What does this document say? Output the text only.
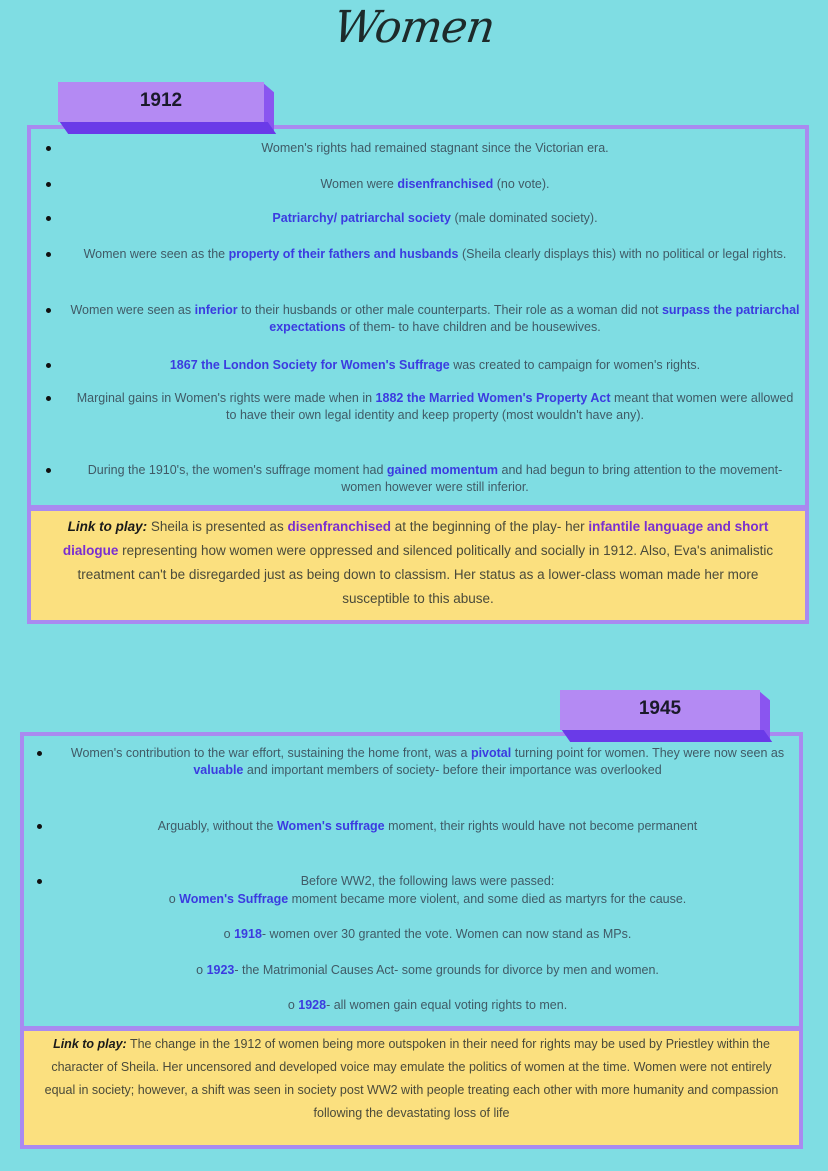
Women
1912
Link to play: Sheila is presented as disenfranchised at the beginning of the play- her infantile language and short dialogue representing how women were oppressed and silenced politically and socially in 1912. Also, Eva's animalistic treatment can't be disregarded just as being down to classism. Her status as a lower-class woman made her more susceptible to this abuse.
1945
Link to play: The change in the 1912 of women being more outspoken in their need for rights may be used by Priestley within the character of Sheila. Her uncensored and developed voice may emulate the politics of women at the time. Women were not entirely equal in society; however, a shift was seen in society post WW2 with people treating each other with more humanity and compassion following the devastating loss of life
Women's rights had remained stagnant since the Victorian era.
Women were disenfranchised (no vote).
Patriarchy/ patriarchal society (male dominated society).
Women were seen as the property of their fathers and husbands (Sheila clearly displays this) with no political or legal rights.
Women were seen as inferior to their husbands or other male counterparts. Their role as a woman did not surpass the patriarchal expectations of them- to have children and be housewives.
1867 the London Society for Women's Suffrage was created to campaign for women's rights.
Marginal gains in Women's rights were made when in 1882 the Married Women's Property Act meant that women were allowed to have their own legal identity and keep property (most wouldn't have any).
During the 1910's, the women's suffrage moment had gained momentum and had begun to bring attention to the movement- women however were still inferior.
Women's contribution to the war effort, sustaining the home front, was a pivotal turning point for women. They were now seen as valuable and important members of society- before their importance was overlooked
Arguably, without the Women's suffrage moment, their rights would have not become permanent
Before WW2, the following laws were passed:
o Women's Suffrage moment became more violent, and some died as martyrs for the cause.
o 1918- women over 30 granted the vote. Women can now stand as MPs.
o 1923- the Matrimonial Causes Act- some grounds for divorce by men and women.
o 1928- all women gain equal voting rights to men.
